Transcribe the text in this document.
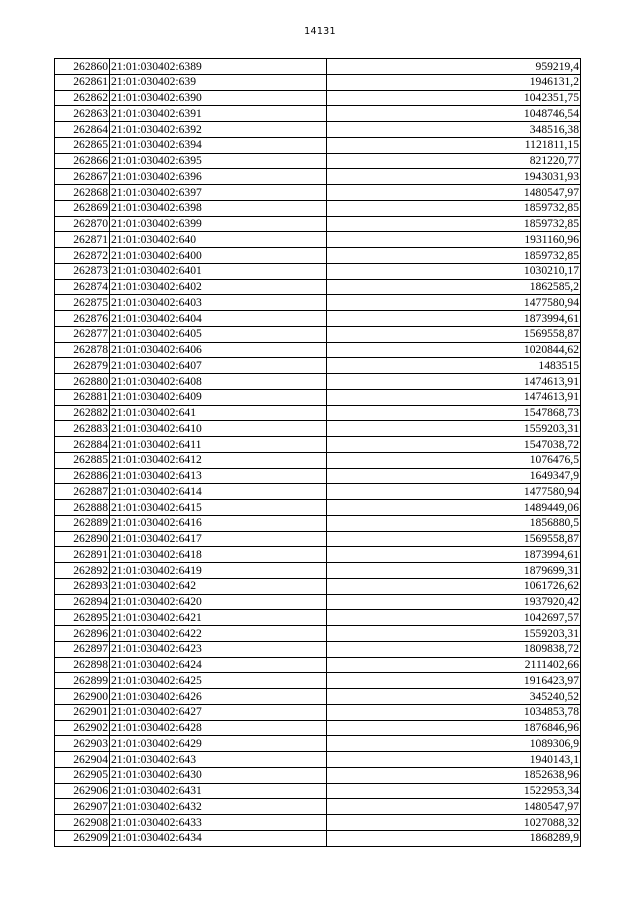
14131
262860	21:01:030402:6389	959219,4
262861	21:01:030402:639	1946131,2
262862	21:01:030402:6390	1042351,75
262863	21:01:030402:6391	1048746,54
262864	21:01:030402:6392	348516,38
262865	21:01:030402:6394	1121811,15
262866	21:01:030402:6395	821220,77
262867	21:01:030402:6396	1943031,93
262868	21:01:030402:6397	1480547,97
262869	21:01:030402:6398	1859732,85
262870	21:01:030402:6399	1859732,85
262871	21:01:030402:640	1931160,96
262872	21:01:030402:6400	1859732,85
262873	21:01:030402:6401	1030210,17
262874	21:01:030402:6402	1862585,2
262875	21:01:030402:6403	1477580,94
262876	21:01:030402:6404	1873994,61
262877	21:01:030402:6405	1569558,87
262878	21:01:030402:6406	1020844,62
262879	21:01:030402:6407	1483515
262880	21:01:030402:6408	1474613,91
262881	21:01:030402:6409	1474613,91
262882	21:01:030402:641	1547868,73
262883	21:01:030402:6410	1559203,31
262884	21:01:030402:6411	1547038,72
262885	21:01:030402:6412	1076476,5
262886	21:01:030402:6413	1649347,9
262887	21:01:030402:6414	1477580,94
262888	21:01:030402:6415	1489449,06
262889	21:01:030402:6416	1856880,5
262890	21:01:030402:6417	1569558,87
262891	21:01:030402:6418	1873994,61
262892	21:01:030402:6419	1879699,31
262893	21:01:030402:642	1061726,62
262894	21:01:030402:6420	1937920,42
262895	21:01:030402:6421	1042697,57
262896	21:01:030402:6422	1559203,31
262897	21:01:030402:6423	1809838,72
262898	21:01:030402:6424	2111402,66
262899	21:01:030402:6425	1916423,97
262900	21:01:030402:6426	345240,52
262901	21:01:030402:6427	1034853,78
262902	21:01:030402:6428	1876846,96
262903	21:01:030402:6429	1089306,9
262904	21:01:030402:643	1940143,1
262905	21:01:030402:6430	1852638,96
262906	21:01:030402:6431	1522953,34
262907	21:01:030402:6432	1480547,97
262908	21:01:030402:6433	1027088,32
262909	21:01:030402:6434	1868289,9
